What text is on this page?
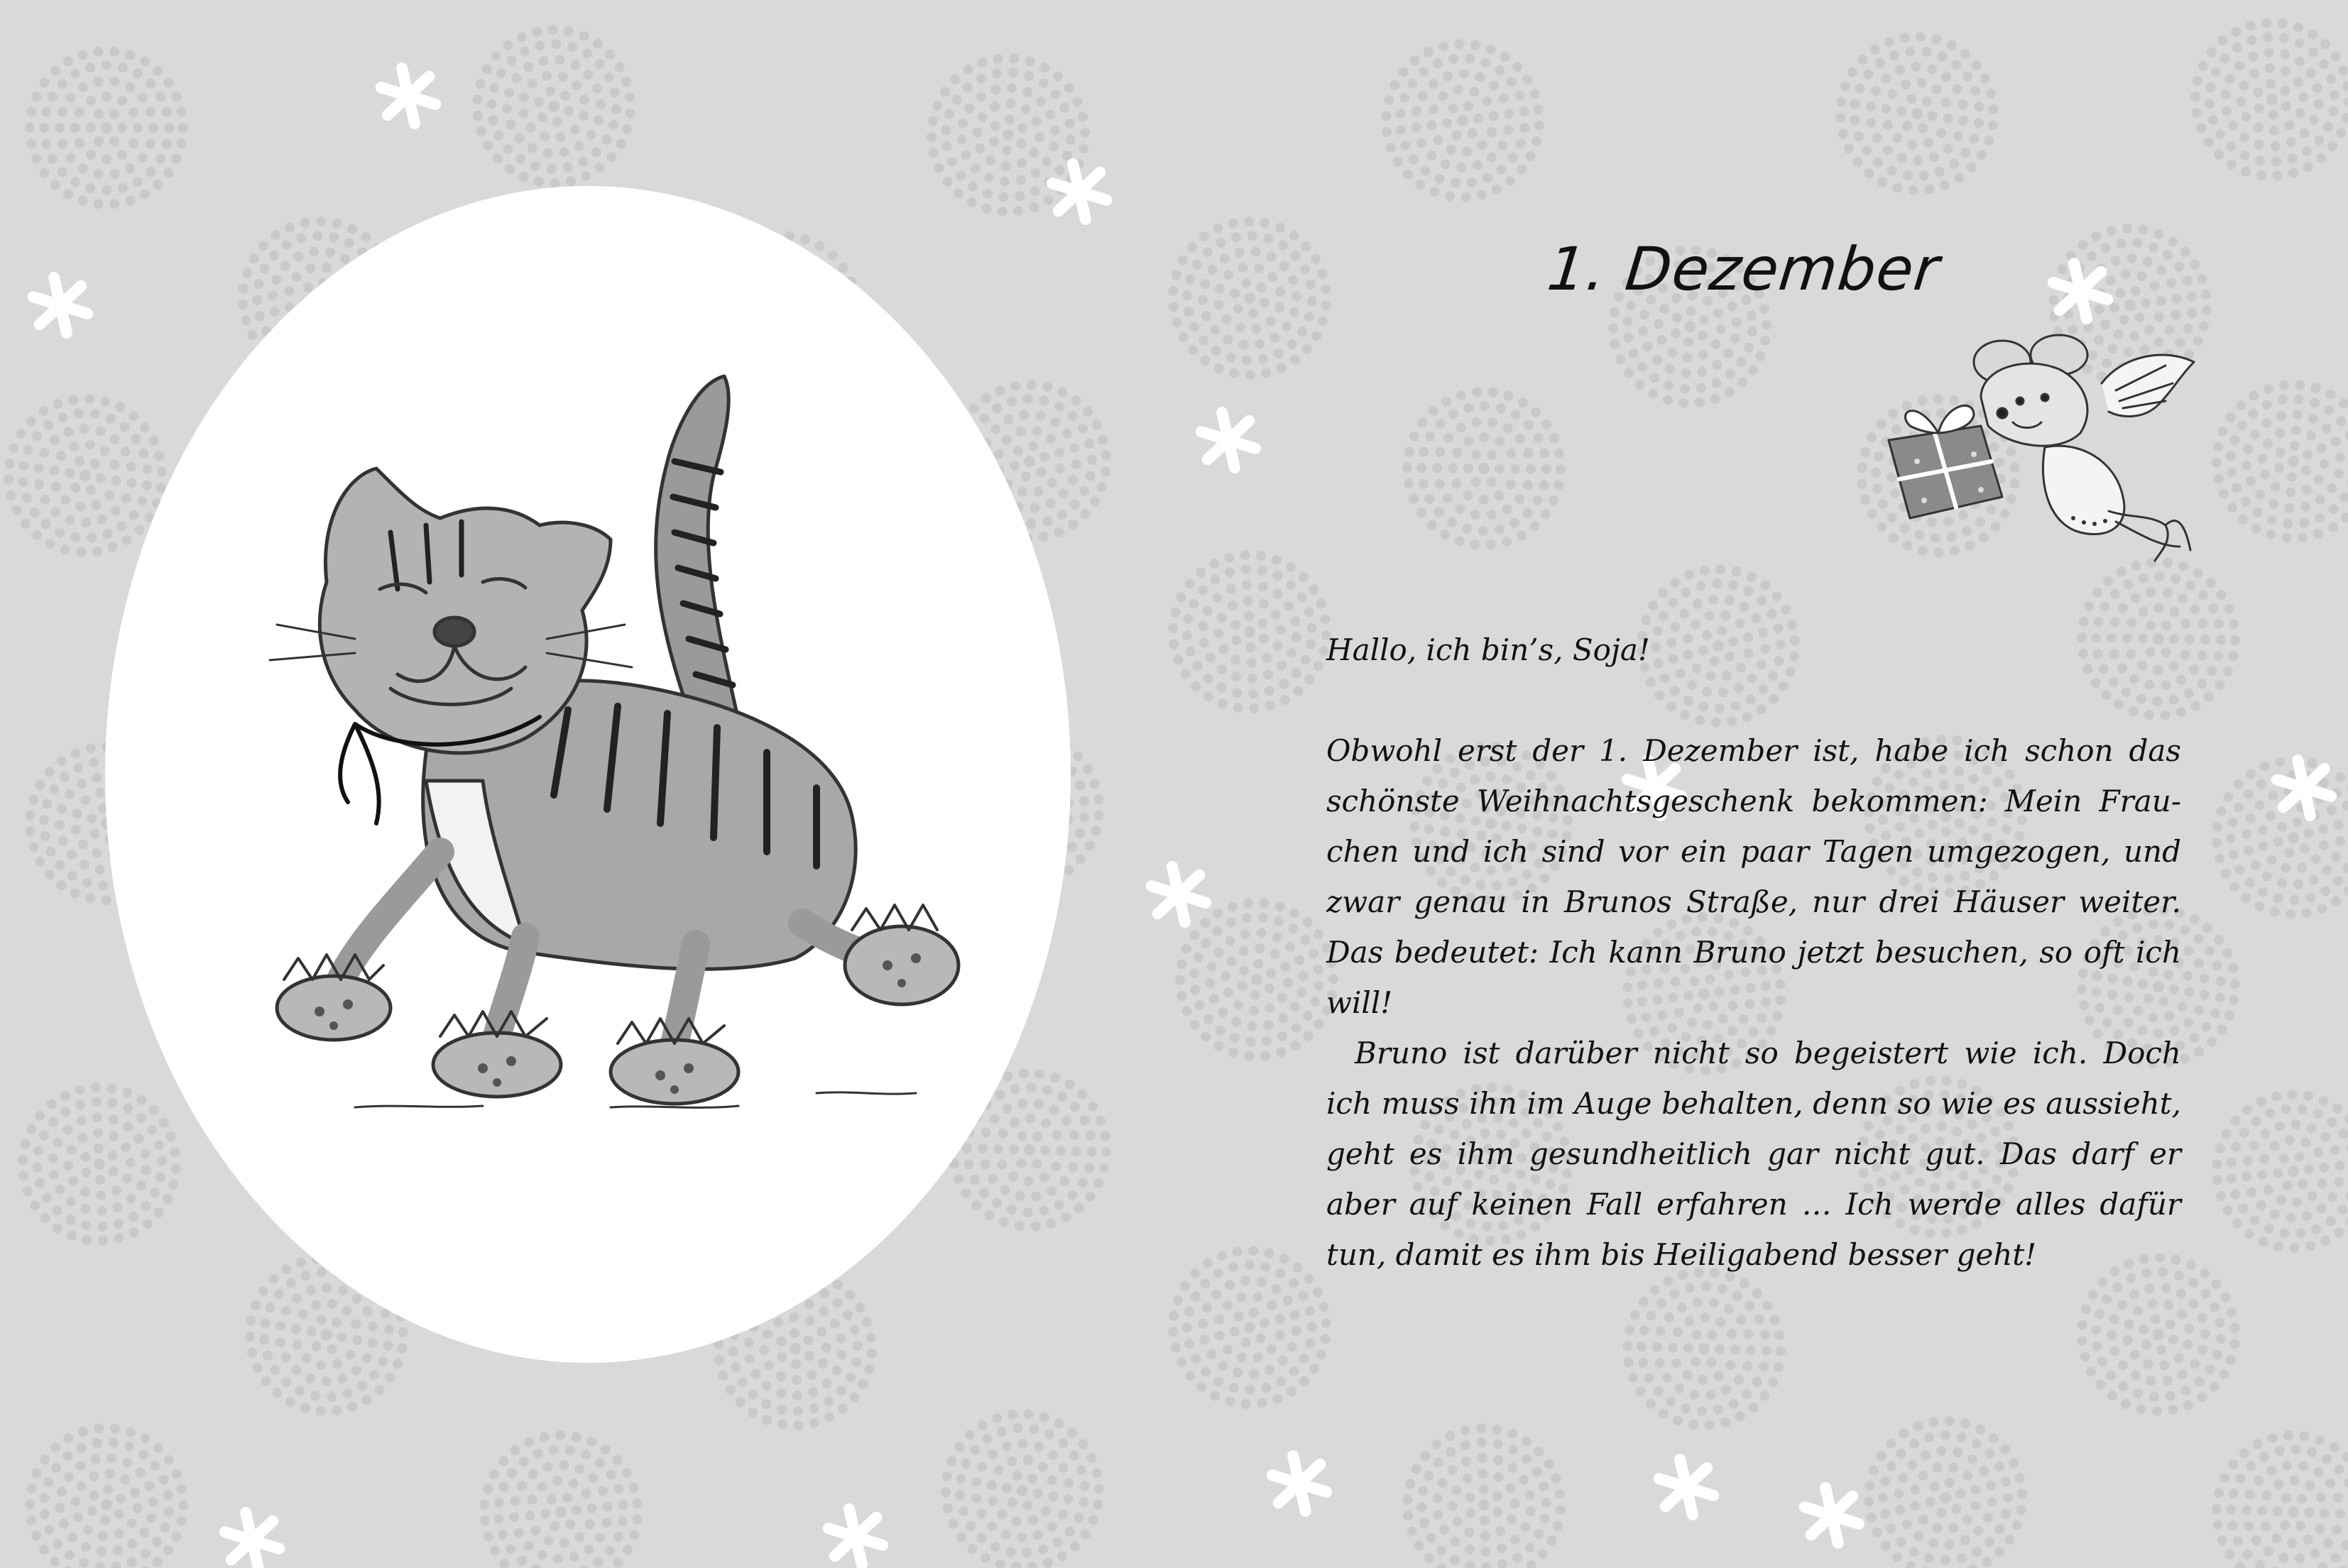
1. Dezember

Hallo, ich bin’s, Soja!

Obwohl erst der 1. Dezember ist, habe ich schon das schönste Weihnachtsgeschenk bekommen: Mein Frauchen und ich sind vor ein paar Tagen umgezogen, und zwar genau in Brunos Straße, nur drei Häuser weiter. Das bedeutet: Ich kann Bruno jetzt besuchen, so oft ich will!

Bruno ist darüber nicht so begeistert wie ich. Doch ich muss ihn im Auge behalten, denn so wie es aussieht, geht es ihm gesundheitlich gar nicht gut. Das darf er aber auf keinen Fall erfahren … Ich werde alles dafür tun, damit es ihm bis Heiligabend besser geht!
